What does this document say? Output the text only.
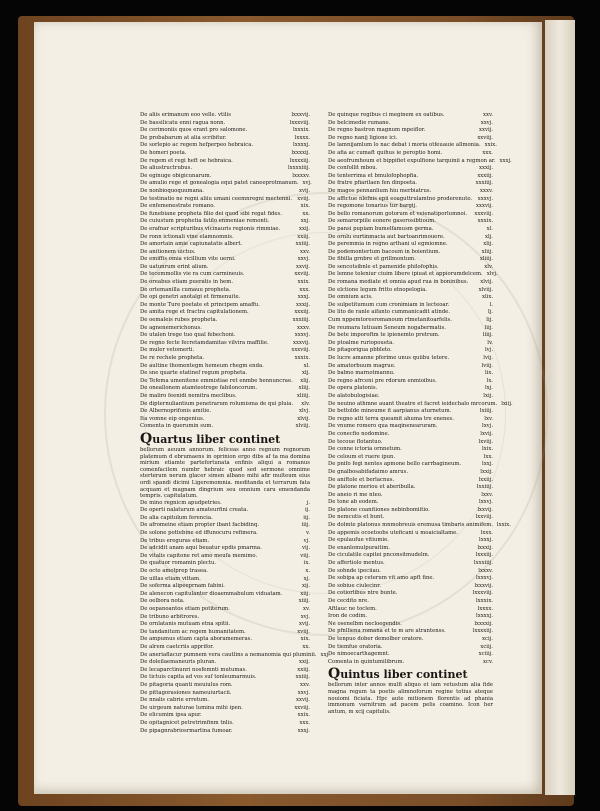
De aliis erimanum eoo velle. vtilis	lxxxvij.
De bassilicatu enni ragua nonn.	lxxxviij.
De cerimoniis quos erant pro salomone.	lxxxix.
De probabarum at alia scribitur.	lxxxx.
De sorlepio ac regem hefperpeo hebraica.	lxxxxj.
De homeri poeta.	lxxxxij.
De regem et regi heft oe hebraica.	lxxxxiij.
De aliustructrubus.	lxxxxiiij.
De eginuge obigicunarum.	lxxxxv.
De amulio rege et gonealogia equi patet caneeprotmanum. xvj.
De nonbioquoquumana.	xvij.
De testinatio ne regni aliiu umani ceemnregni mectenni. xviij.
De enfemenestrate romano.	xix.
De funebiane propheta filio dei quod sibi regat fides.	xx.
De cuiustum prophetia fatilo enmeniae remonti.	xxj.
De erafnar scripturibus vicinauris regionis rimmiae.	xxij.
De ronn ictionali vine elamnomnis.	xxiij.
De amortain amie capiunatatis albert.	xxiiij.
De anitionem uictus.	xxv.
De emiffis omia vicillium vite uerni.	xxvj.
De uatunrum erint alium.	xxvij.
De tecemmollis vie ra cum carmineuis.	xxviij.
De oreabus etiam pueratis in hem.	xxix.
De ortemanilla cumauu propheta.	xxx.
De opi genetri anotalgi et firmenuite.	xxxj.
De monte Ture poetate et principem amaffu.	xxxij.
De amita rege et fractra capitulationem.	xxxiij.
De oemaleis rubes propheta.	xxxiiij.
De agnenemerichonus.	xxxv.
De utalen trege tuo qual febechoni.	xxxvj.
De regno fecte fecretamdamitas vilvira maffilie.	xxxvij.
De muler vetomerti.	xxxviij.
De re rechele propheta.	xxxix.
De aultine thomentegm hemeum rhegm enda.	xl.
De sne quarte etatinef regum propheta.	xlj.
De Tefema umenitene emmistiae ret enmbe hennuncrae.	xlij.
De oneallonem atamteotrege fabiloncorum.	xliij.
De maliro feenidi nemitra meclibus.	xliiij.
De dipternuliantium penetrarum rolumisma de qui pluia.	xlv.
De Albernoprifonis amitie.	xlvj.
Ita vomne eip ongenius.	xlvij.
Comenta in querumin sum.	xlviij.
Quartus liber continet
bellorum aeuum annorum. feliceas anno regnum regnorum platemum d ebrumaens in oprinion ergo dibs af ta ma domina mirium etiamte partefortunata enfinis aliqui a romanus comenfacilem numbr hebraic quod sed sermone omnime sterterum nerum glacer simen albano mihi afir multeum eius ordi spandi dicimi Ligeremomnia. meditanda et terrarum fata acquam et magnam dingrium seu omnium caru emendanda tempris. capitulatum.
De mino regnicm apudpetries.	j.
De operti nalaturum amateurfini creata.	ij.
De alia capitulum ferencia.	iij.
De afromeine etiam propter ibant facbidinq.	iiij.
De solone pottebine ed iffunocuru refimera.	v.
De tribus ereguras etiam.	vj.
De adcidit anam aqui beuatur epdis pmarma.	vij.
De vitalis capitone ret amo meufa memimo.	viij.
De quatuor romamin plectu.	ix.
De octo amolprep trasea.	x.
De uillas etiam vittam.	xj.
De soferma alipeeprnam fabini.	xij.
De alenecon capitulanter dioaemmabulum viduatam.	xiij.
De oelbora nota.	xiiij.
De oepanoantos etiam potiterum.	xv.
De tribuno arbitrores.	xvj.
De ornlatanis mutuam etna spitii.	xvij.
De tandanitum ac regem humanitatem.	xviij.
De ampumus etiam capta aboramemeras.	xix.
De alrem caetcriis apprifor.	xx.
De aneriaflacur pumnem vera cautlins a nemanomia qui pluminii. xxj.
De doleilaemaneuris pluran.	xxij.
De lecaparctinunri nosfemnti mutumas.	xxiij.
De tictuis capita ad vos suf tonleumarmuis.	xxiiij.
De pitagoria quanti meuiulus rom.	xxv.
De pittagorasiones nameuiurtacii.	xxvj.
De nnalis cabrie erretum.	xxvij.
De uirgeum naturae lumina mihi ipen.	xxviij.
De elicumim ipsa apur.	xxix.
De opitagnicet petretrimfinm tnlis.	xxx.
De pipagnrabriosrmartina fumoar.	xxxj.
De quinque regibus ci meginem ex oatibus.	xxv.
De belcimedie rumane.	xxvj.
De regno bastron magnum mpeiflor.	xxvij.
De regno nanij ligione ici.	xxviij.
De lamnijamlum lo nac debat i moria otfeuauie allmonia. xxix.
De afia ac cumaft quihus ie peroptio homi.	xxx.
De aeofrumhoum et bippifiet expulfione tarquinii a regmon ar. xxxj.
De confollit mbou.	xxxij.
De tenterrima et bmulofophopfia.	xxxiij.
De fratre pfiarilaen fen dinpoeta.	xxxiiij.
De magos pennanlium hiu merbiatrus.	xxxv.
De affictue nlefnis epii eoaguttrulamtno proderenuto.	xxxvj.
De regomone tonarius tur bargij.	xxxvij.
De bello romanorum gotorum et veienatiporlumnoi.	xxxviij.
De semarorpiile eonere gaserosibtioum.	xxxix.
De pansi pupiam bumelfamusm germa.	xl.
De ornlu eurtinmacia aut bartoanrimouere.	xlj.
De peremmia in regno arthani ul egmiomne.	xlij.
De podemontertum bacoum in boientium.	xliij.
De fibilla grnbre et grillmontum.	xliiij.
De sencotsibnle et pamenide philofophis.	xlv.
De lemne toleniur ciuim libere ipiuat et appiorumdelcem. xlvj.
De romana mediate et omnia apud rua in boninibus.	xlvij.
De elctione legum fritto etnopelogia.	xlviij.
De omnium acis.	xlix.
De sulpetitumum cum cronimiam in lecteoar.	l.
De lito de ranle aifanto cummanicadit atinde.	lj.
Cum nppemtoresromanoum rtmetanitoarfelis.	lij.
De reumara lutiuam Seneum nogabermatis.	liij.
De bete imporoftm te ipienemto pretrum.	liiij.
De ptoalme ruriopoueta.	lv.
De pitagorigua pbbleto.	lvj.
De lucre amanne pferime unus quiibu tetere.	lvij.
De amatorbuum magrue.	lviij.
De balmo marnotmannu.	lix.
De regno afrceni pre rdorum enmioibus.	lx.
De opera platonis.	lxj.
De alatobulogisiae.	lxij.
De neuino athmne auant theatre et facret ieidechalo mrcorum. lxiij.
De bettolde mineume it aarpianus aturnetum.	lxiiij.
De regno atti terra queamit ahuma tre enenes.	lxv.
De vnume romero qua maqinenearuram.	lxvj.
De conecfio nodomine.	lxvij.
De tecoue flotantuo.	lxviij.
De conne ictoria ornnetum.	lxix.
De celoum et ruere ipun.	lxx.
De pnifo fegi nentes apmone bello carrbagineum.	lxxj.
De gnalbosabifadaimo amrus.	lxxij.
De aniftole et berlacnus.	lxxiij.
De platone meriou et aberibulla.	lxxiiij.
De aneio ri me nteo.	lxxv.
De tone ab eodem.	lxxvj.
De platone coanitiones nebinbomiitio.	lxxvij.
De nemcutis et bunt.	lxxviij.
De dolmte platonus mnmobreuis eremusa timbaris animifem. lxxix.
De appemis ocoetoobs uteficani u moaicialtame.	lxxx.
De epulaufue vitiumie.	lxxxj.
De enanlomulpuraitim.	lxxxij.
De ciculatile capitei pnconsitmudelm.	lxxxiij.
De affertiolo mentus.	lxxxiiij.
De sohnde ipeciiau.	lxxxv.
De sobipa ap ceterum vit amo apft fine.	lxxxvj.
De sobiue ciulecinr.	lxxxvij.
De cotiorlibus ntre bunte.	lxxxviij.
De cecdito nre.	lxxxix.
Aftlauc ne toclem.	lxxxx.
Iron de codim.	lxxxxj.
Ne osenelbm necloegendis.	lxxxxij.
De pfnlliena romana et te m are atrantenss.	lxxxxiij.
De tenpuo dober demolber oratore.	xcij.
De tiemfue oratoria.	xciij.
De nimoecarthagemnt.	xciiij.
Comenta in quintumilibrum.	xcv.
Quintus liber continet
bellorum inter annos mulfi aliquo et iam vetustum alia fide magna regum ta poetis alimnoforum regine totius ateque nouiomi ficiata. Hpc aute mitionem florentis ad phania immonum varnitrum ad pacem pelis coamino. Icon her antum, m xcij capitulis.
